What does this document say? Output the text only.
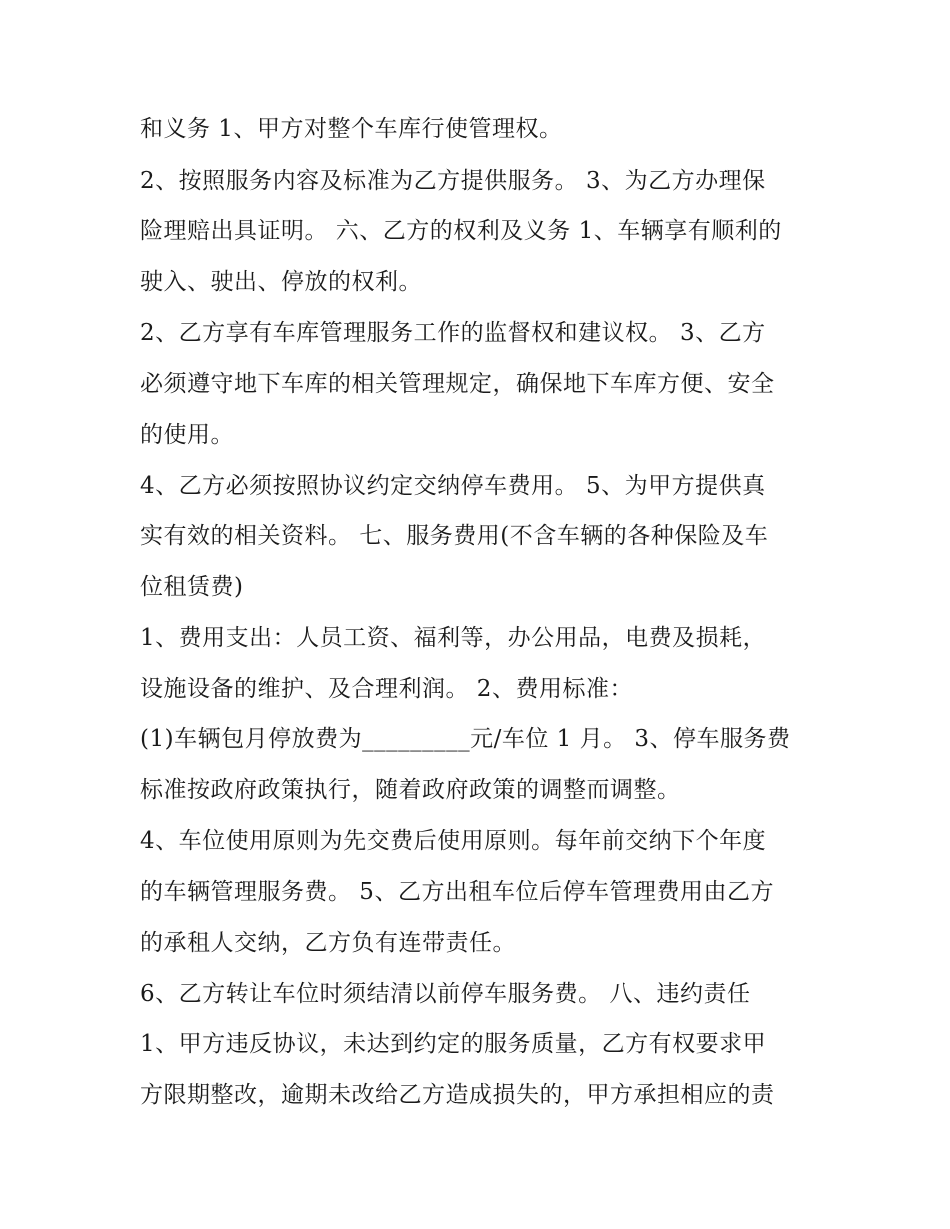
和义务 1、甲方对整个车库行使管理权。
2、按照服务内容及标准为乙方提供服务。 3、为乙方办理保
险理赔出具证明。 六、乙方的权利及义务 1、车辆享有顺利的
驶入、驶出、停放的权利。
2、乙方享有车库管理服务工作的监督权和建议权。 3、乙方
必须遵守地下车库的相关管理规定，确保地下车库方便、安全
的使用。
4、乙方必须按照协议约定交纳停车费用。 5、为甲方提供真
实有效的相关资料。 七、服务费用(不含车辆的各种保险及车
位租赁费)
1、费用支出：人员工资、福利等，办公用品，电费及损耗，
设施设备的维护、及合理利润。 2、费用标准：
(1)车辆包月停放费为_________元/车位 1 月。 3、停车服务费
标准按政府政策执行，随着政府政策的调整而调整。
4、车位使用原则为先交费后使用原则。每年前交纳下个年度
的车辆管理服务费。 5、乙方出租车位后停车管理费用由乙方
的承租人交纳，乙方负有连带责任。
6、乙方转让车位时须结清以前停车服务费。 八、违约责任
1、甲方违反协议，未达到约定的服务质量，乙方有权要求甲
方限期整改，逾期未改给乙方造成损失的，甲方承担相应的责
